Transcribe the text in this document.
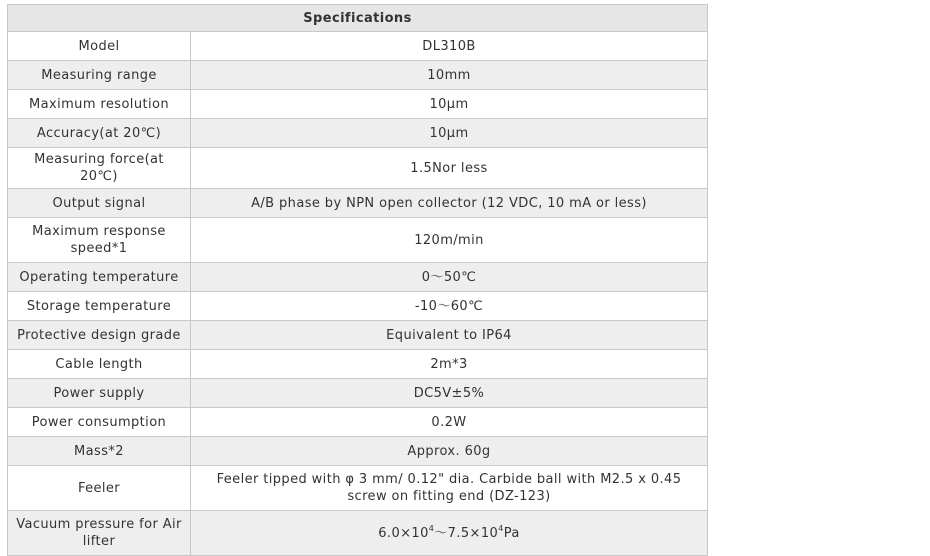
Specifications	
Model	DL310B
Measuring range	10mm
Maximum resolution	10μm
Accuracy(at 20℃)	10μm
Measuring force(at 20℃)	1.5Nor less
Output signal	A/B phase by NPN open collector (12 VDC, 10 mA or less)
Maximum response speed*1	120m/min
Operating temperature	0～50℃
Storage temperature	-10～60℃
Protective design grade	Equivalent to IP64
Cable length	2m*3
Power supply	DC5V±5%
Power consumption	0.2W
Mass*2	Approx. 60g
Feeler	Feeler tipped with φ 3 mm/ 0.12" dia. Carbide ball with M2.5 x 0.45 screw on fitting end (DZ-123)
Vacuum pressure for Air lifter	$6.0\times 10^4\sim 7.5\times 10^4Pa$
